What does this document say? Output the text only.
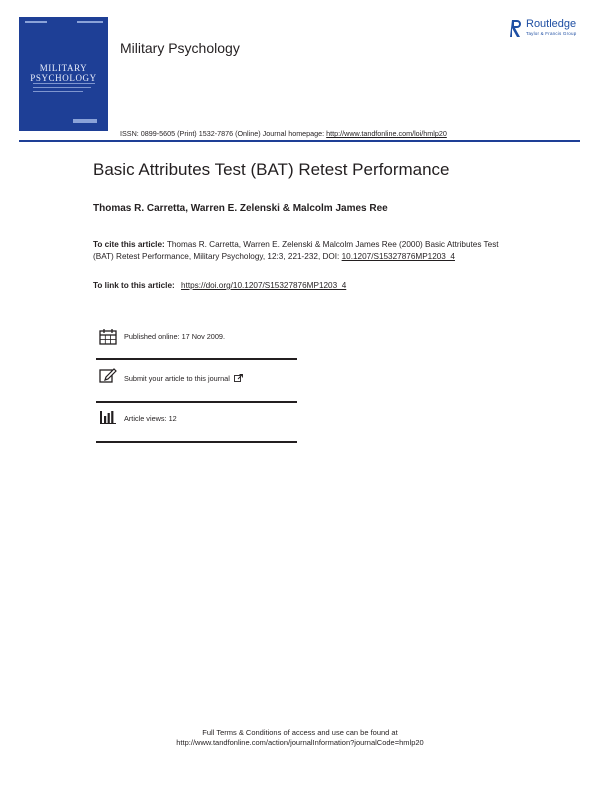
MILITARY
PSYCHOLOGY
Military Psychology
ISSN: 0899-5605 (Print) 1532-7876 (Online) Journal homepage: http://www.tandfonline.com/loi/hmlp20
Routledge
Taylor & Francis Group
Basic Attributes Test (BAT) Retest Performance
Thomas R. Carretta, Warren E. Zelenski & Malcolm James Ree
To cite this article: Thomas R. Carretta, Warren E. Zelenski & Malcolm James Ree (2000) Basic Attributes Test (BAT) Retest Performance, Military Psychology, 12:3, 221-232, DOI: 10.1207/S15327876MP1203_4
To link to this article: https://doi.org/10.1207/S15327876MP1203_4
Published online: 17 Nov 2009.
Submit your article to this journal
Article views: 12
Full Terms & Conditions of access and use can be found at
http://www.tandfonline.com/action/journalInformation?journalCode=hmlp20
